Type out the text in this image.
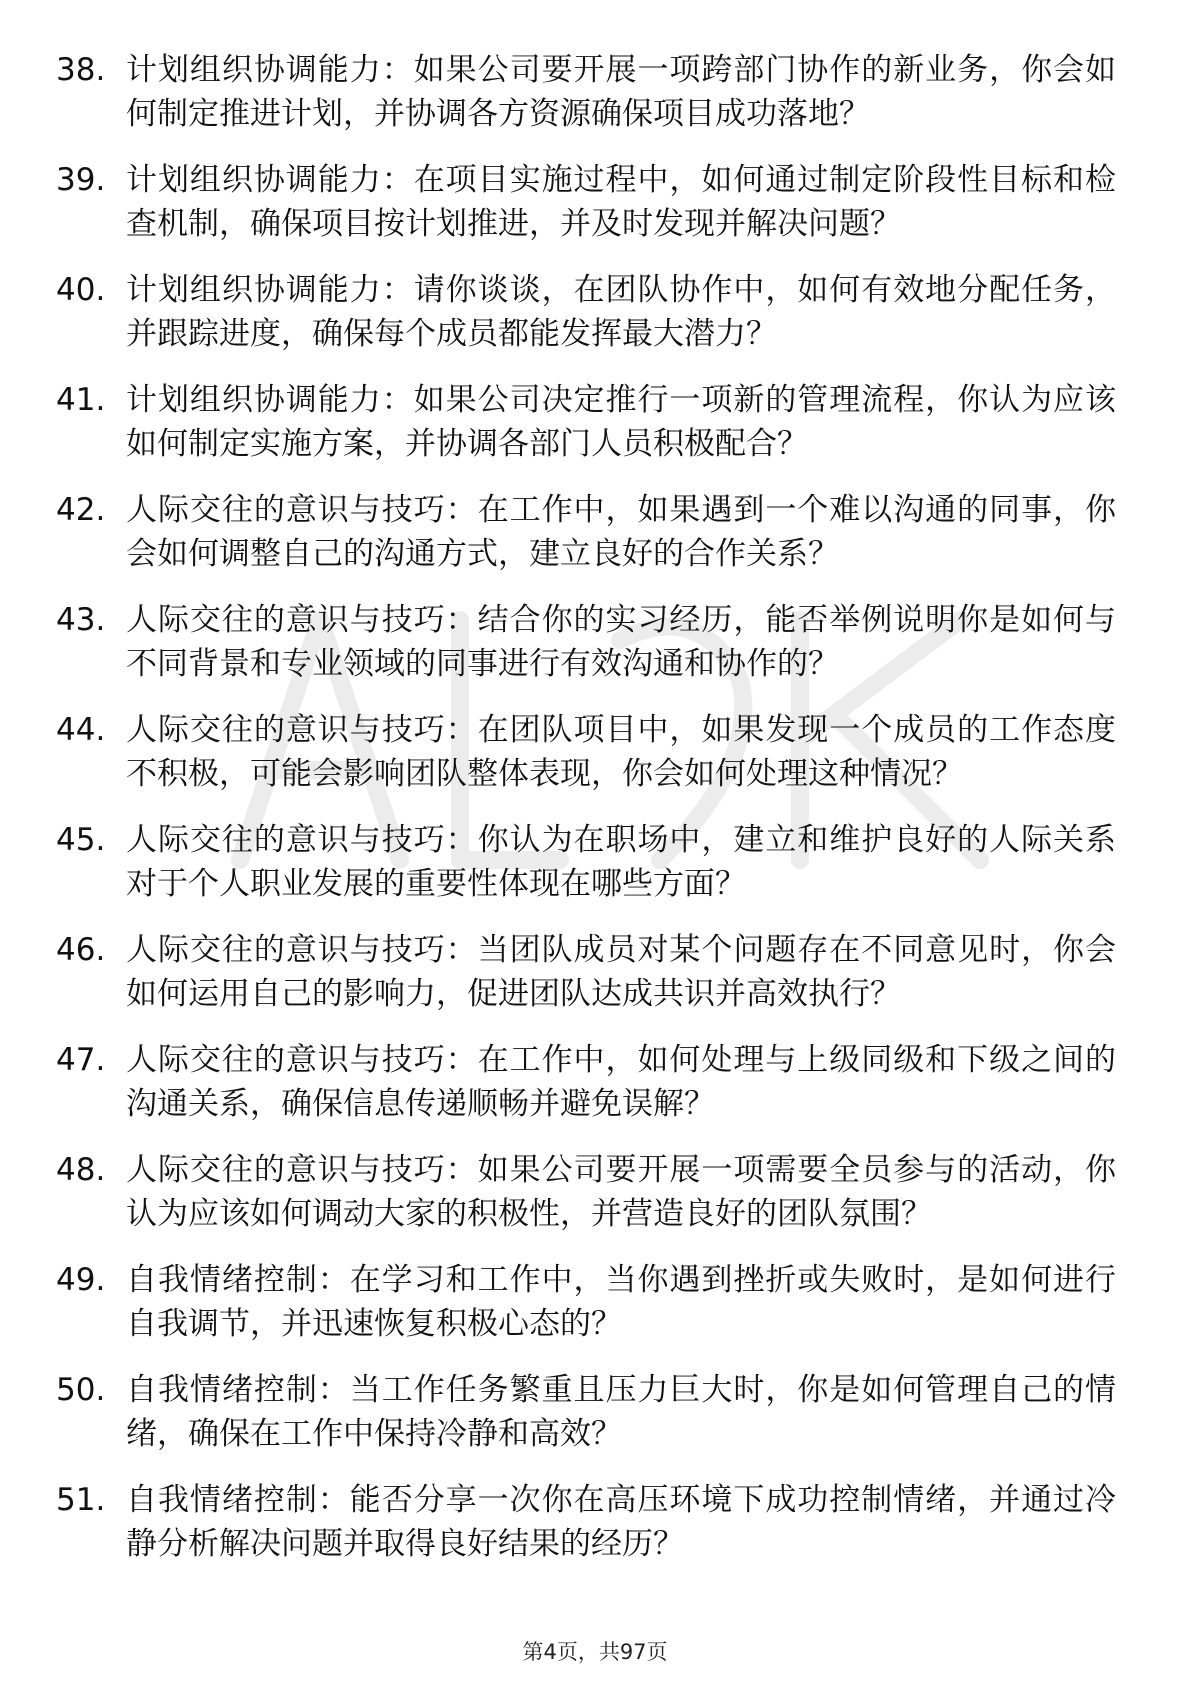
38. 计划组织协调能力：如果公司要开展一项跨部门协作的新业务，你会如何制定推进计划，并协调各方资源确保项目成功落地？
39. 计划组织协调能力：在项目实施过程中，如何通过制定阶段性目标和检查机制，确保项目按计划推进，并及时发现并解决问题？
40. 计划组织协调能力：请你谈谈，在团队协作中，如何有效地分配任务，并跟踪进度，确保每个成员都能发挥最大潜力？
41. 计划组织协调能力：如果公司决定推行一项新的管理流程，你认为应该如何制定实施方案，并协调各部门人员积极配合？
42. 人际交往的意识与技巧：在工作中，如果遇到一个难以沟通的同事，你会如何调整自己的沟通方式，建立良好的合作关系？
43. 人际交往的意识与技巧：结合你的实习经历，能否举例说明你是如何与不同背景和专业领域的同事进行有效沟通和协作的？
44. 人际交往的意识与技巧：在团队项目中，如果发现一个成员的工作态度不积极，可能会影响团队整体表现，你会如何处理这种情况？
45. 人际交往的意识与技巧：你认为在职场中，建立和维护良好的人际关系对于个人职业发展的重要性体现在哪些方面？
46. 人际交往的意识与技巧：当团队成员对某个问题存在不同意见时，你会如何运用自己的影响力，促进团队达成共识并高效执行？
47. 人际交往的意识与技巧：在工作中，如何处理与上级同级和下级之间的沟通关系，确保信息传递顺畅并避免误解？
48. 人际交往的意识与技巧：如果公司要开展一项需要全员参与的活动，你认为应该如何调动大家的积极性，并营造良好的团队氛围？
49. 自我情绪控制：在学习和工作中，当你遇到挫折或失败时，是如何进行自我调节，并迅速恢复积极心态的？
50. 自我情绪控制：当工作任务繁重且压力巨大时，你是如何管理自己的情绪，确保在工作中保持冷静和高效？
51. 自我情绪控制：能否分享一次你在高压环境下成功控制情绪，并通过冷静分析解决问题并取得良好结果的经历？
第4页，共97页
